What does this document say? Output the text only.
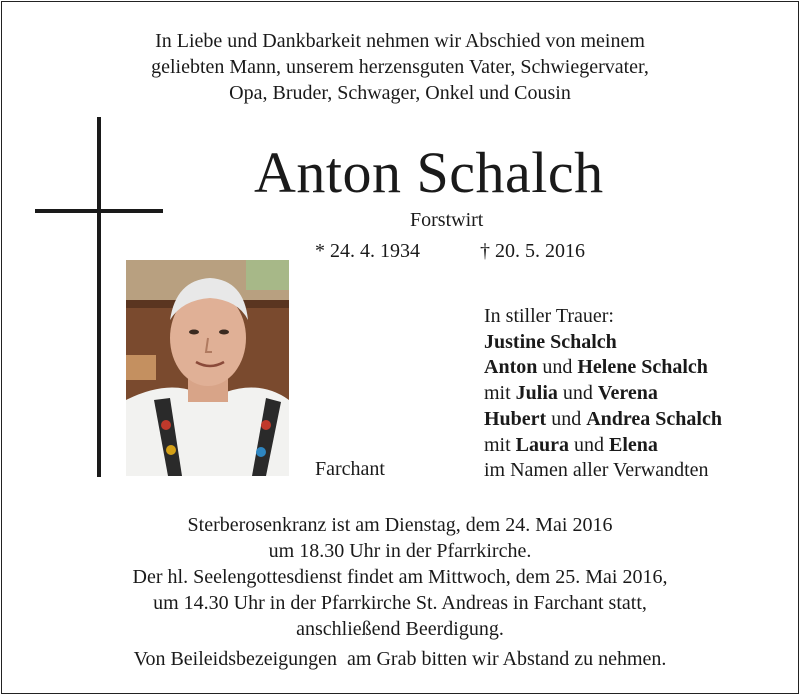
In Liebe und Dankbarkeit nehmen wir Abschied von meinem
geliebten Mann, unserem herzensguten Vater, Schwiegervater,
Opa, Bruder, Schwager, Onkel und Cousin
Anton Schalch
Forstwirt
* 24. 4. 1934	† 20. 5. 2016
Farchant
In stiller Trauer:
Justine Schalch
Anton und Helene Schalch
mit Julia und Verena
Hubert und Andrea Schalch
mit Laura und Elena
im Namen aller Verwandten
Sterberosenkranz ist am Dienstag, dem 24. Mai 2016
um 18.30 Uhr in der Pfarrkirche.
Der hl. Seelengottesdienst findet am Mittwoch, dem 25. Mai 2016,
um 14.30 Uhr in der Pfarrkirche St. Andreas in Farchant statt,
anschließend Beerdigung.
Von Beileidsbezeigungen  am Grab bitten wir Abstand zu nehmen.
